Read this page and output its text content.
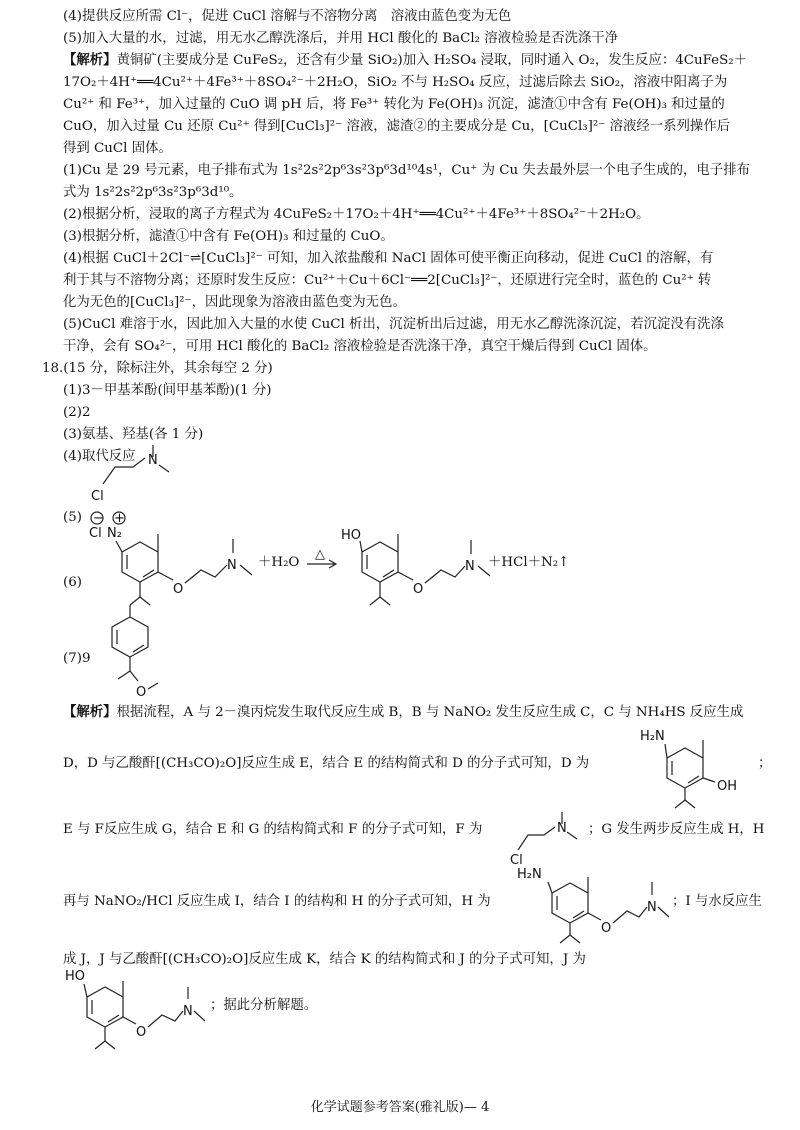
(4)提供反应所需 Cl⁻，促进 CuCl 溶解与不溶物分离　溶液由蓝色变为无色
(5)加入大量的水，过滤，用无水乙醇洗涤后，并用 HCl 酸化的 BaCl₂ 溶液检验是否洗涤干净
【解析】黄铜矿(主要成分是 CuFeS₂，还含有少量 SiO₂)加入 H₂SO₄ 浸取，同时通入 O₂，发生反应：4CuFeS₂＋
17O₂＋4H⁺══4Cu²⁺＋4Fe³⁺＋8SO₄²⁻＋2H₂O，SiO₂ 不与 H₂SO₄ 反应，过滤后除去 SiO₂，溶液中阳离子为
Cu²⁺ 和 Fe³⁺，加入过量的 CuO 调 pH 后，将 Fe³⁺ 转化为 Fe(OH)₃ 沉淀，滤渣①中含有 Fe(OH)₃ 和过量的
CuO，加入过量 Cu 还原 Cu²⁺ 得到[CuCl₃]²⁻ 溶液，滤渣②的主要成分是 Cu，[CuCl₃]²⁻ 溶液经一系列操作后
得到 CuCl 固体。
(1)Cu 是 29 号元素，电子排布式为 1s²2s²2p⁶3s²3p⁶3d¹⁰4s¹，Cu⁺ 为 Cu 失去最外层一个电子生成的，电子排布
式为 1s²2s²2p⁶3s²3p⁶3d¹⁰。
(2)根据分析，浸取的离子方程式为 4CuFeS₂＋17O₂＋4H⁺══4Cu²⁺＋4Fe³⁺＋8SO₄²⁻＋2H₂O。
(3)根据分析，滤渣①中含有 Fe(OH)₃ 和过量的 CuO。
(4)根据 CuCl＋2Cl⁻⇌[CuCl₃]²⁻ 可知，加入浓盐酸和 NaCl 固体可使平衡正向移动，促进 CuCl 的溶解，有
利于其与不溶物分离；还原时发生反应：Cu²⁺＋Cu＋6Cl⁻══2[CuCl₃]²⁻，还原进行完全时，蓝色的 Cu²⁺ 转
化为无色的[CuCl₃]²⁻，因此现象为溶液由蓝色变为无色。
(5)CuCl 难溶于水，因此加入大量的水使 CuCl 析出，沉淀析出后过滤，用无水乙醇洗涤沉淀，若沉淀没有洗涤
干净，会有 SO₄²⁻，可用 HCl 酸化的 BaCl₂ 溶液检验是否洗涤干净，真空干燥后得到 CuCl 固体。
18.(15 分，除标注外，其余每空 2 分)
(1)3－甲基苯酚(间甲基苯酚)(1 分)
(2)2
(3)氨基、羟基(各 1 分)
(4)取代反应
(5)
(6)
(7)9
N
Cl
− +
Cl N₂
O
N ＋H₂O
△
HO
O
N ＋HCl＋N₂↑
O
【解析】根据流程，A 与 2－溴丙烷发生取代反应生成 B，B 与 NaNO₂ 发生反应生成 C，C 与 NH₄HS 反应生成
D，D 与乙酸酐[(CH₃CO)₂O]反应生成 E，结合 E 的结构简式和 D 的分子式可知，D 为	；
H₂N
OH
E 与 F反应生成 G，结合 E 和 G 的结构简式和 F 的分子式可知，F 为	N
Cl
；G 发生两步反应生成 H，H
再与 NaNO₂/HCl 反应生成 I，结合 I 的结构和 H 的分子式可知，H 为
H₂N
O
N ；I 与水反应生
成 J，J 与乙酸酐[(CH₃CO)₂O]反应生成 K，结合 K 的结构简式和 J 的分子式可知，J 为
HO
O
N ；据此分析解题。
化学试题参考答案(雅礼版)— 4
